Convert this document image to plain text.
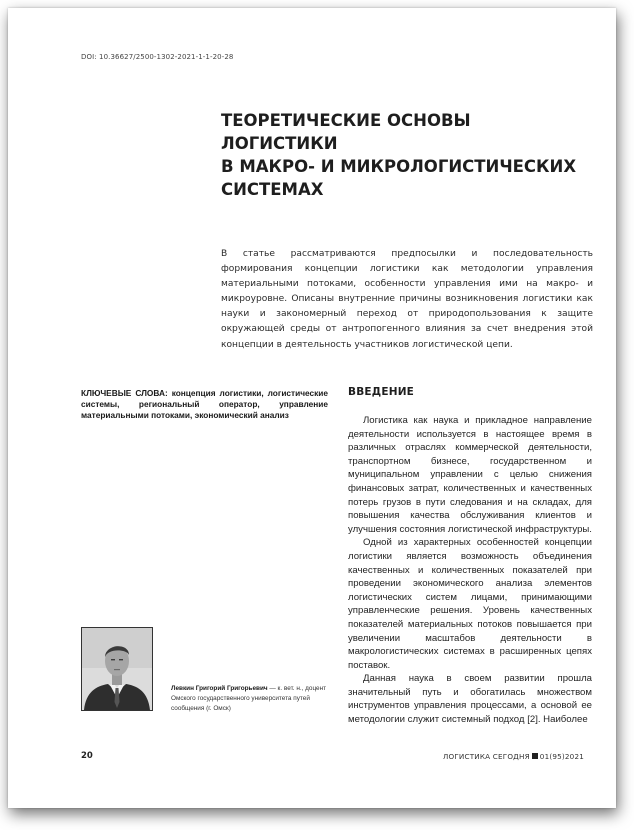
DOI: 10.36627/2500-1302-2021-1-1-20-28
ТЕОРЕТИЧЕСКИЕ ОСНОВЫ ЛОГИСТИКИ
В МАКРО- И МИКРОЛОГИСТИЧЕСКИХ
СИСТЕМАХ
В статье рассматриваются предпосылки и последовательность формирования концепции логистики как методологии управления материальными потоками, особенности управления ими на макро- и микроуровне. Описаны внутренние причины возникновения логистики как науки и закономерный переход от природопользования к защите окружающей среды от антропогенного влияния за счет внедрения этой концепции в деятельность участников логистической цепи.
КЛЮЧЕВЫЕ СЛОВА: концепция логистики, логистические системы, региональный оператор, управление материальными потоками, экономический анализ
ВВЕДЕНИЕ

Логистика как наука и прикладное направление деятельности используется в настоящее время в различных отраслях коммерческой деятельности, транспортном бизнесе, государственном и муниципальном управлении с целью снижения финансовых затрат, количественных и качественных потерь грузов в пути следования и на складах, для повышения качества обслуживания клиентов и улучшения состояния логистической инфраструктуры.

Одной из характерных особенностей концепции логистики является возможность объединения качественных и количественных показателей при проведении экономического анализа элементов логистических систем лицами, принимающими управленческие решения. Уровень качественных показателей материальных потоков повышается при увеличении масштабов деятельности в макрологистических системах в расширенных цепях поставок.

Данная наука в своем развитии прошла значительный путь и обогатилась множеством инструментов управления процессами, а основой ее методологии служит системный подход [2]. Наиболее

Левкин Григорий Григорьевич — к. вет. н., доцент Омского государственного университета путей сообщения (г. Омск)
20	ЛОГИСТИКА СЕГОДНЯ 01(95)2021
